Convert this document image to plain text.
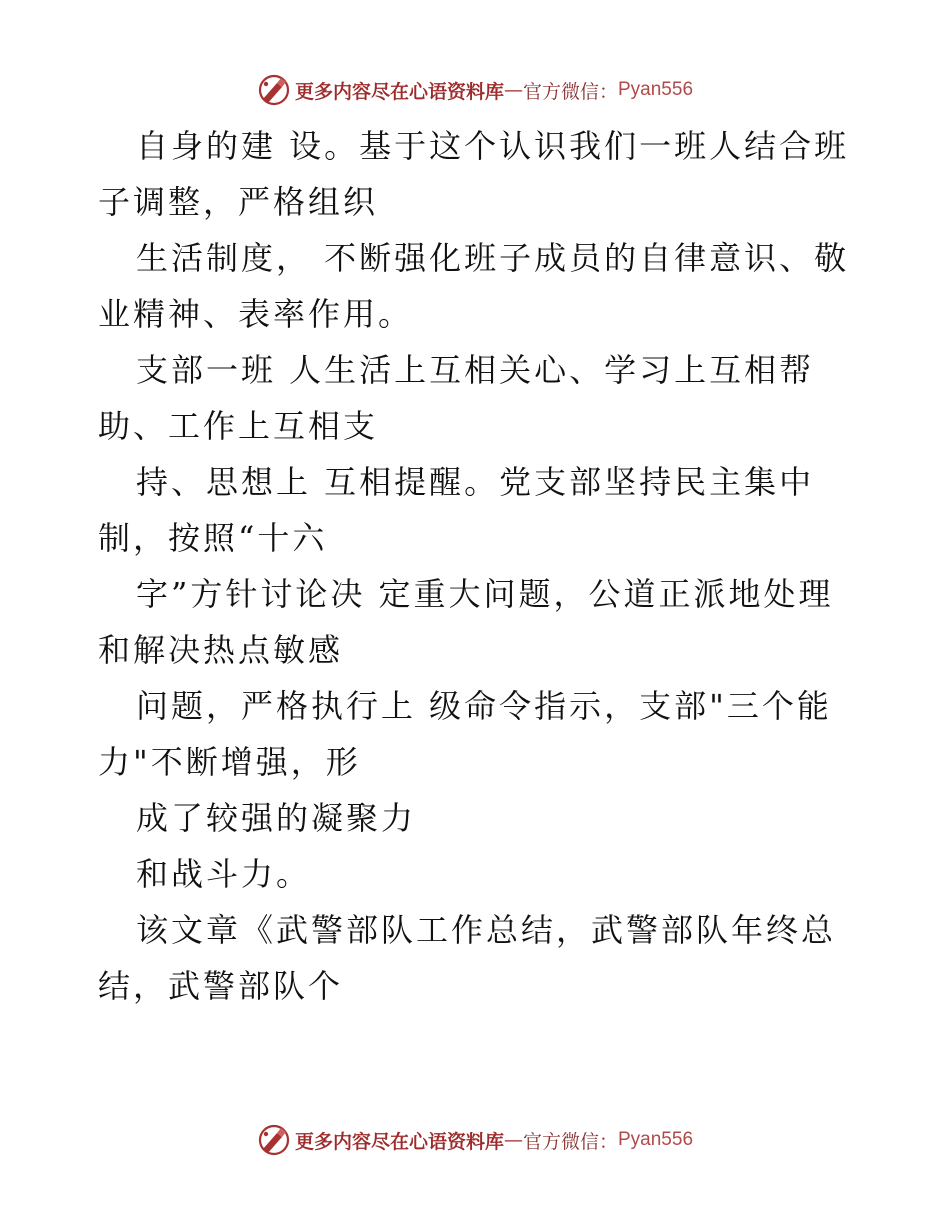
更多内容尽在心语资料库 — 官方微信： Pyan556
自身的建 设。基于这个认识我们一班人结合班
子调整，严格组织
生活制度， 不断强化班子成员的自律意识、敬
业精神、表率作用。
支部一班 人生活上互相关心、学习上互相帮
助、工作上互相支
持、思想上 互相提醒。党支部坚持民主集中
制，按照“十六
字”方针讨论决 定重大问题，公道正派地处理
和解决热点敏感
问题，严格执行上 级命令指示，支部"三个能
力"不断增强，形
成了较强的凝聚力
和战斗力。
该文章《武警部队工作总结，武警部队年终总
结，武警部队个
更多内容尽在心语资料库 — 官方微信： Pyan556
